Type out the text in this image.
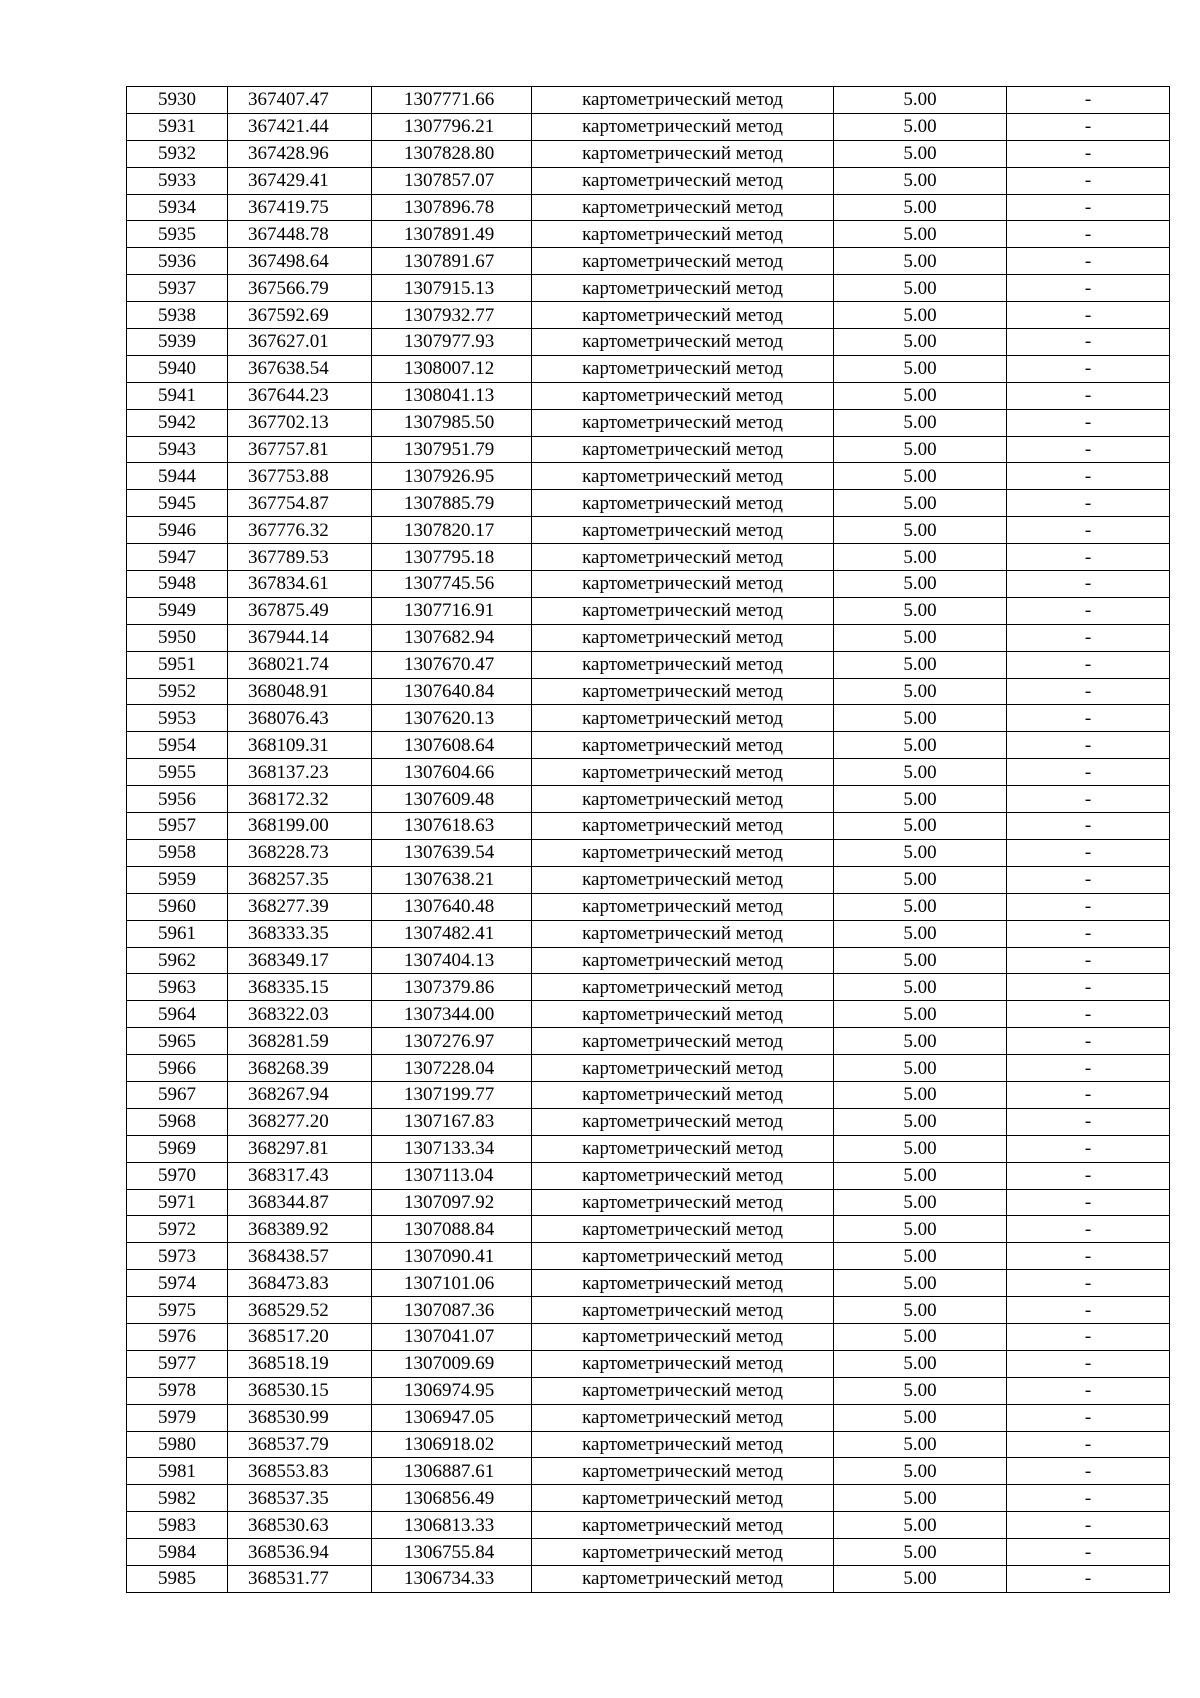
5930	367407.47	1307771.66	картометрический метод	5.00	-
5931	367421.44	1307796.21	картометрический метод	5.00	-
5932	367428.96	1307828.80	картометрический метод	5.00	-
5933	367429.41	1307857.07	картометрический метод	5.00	-
5934	367419.75	1307896.78	картометрический метод	5.00	-
5935	367448.78	1307891.49	картометрический метод	5.00	-
5936	367498.64	1307891.67	картометрический метод	5.00	-
5937	367566.79	1307915.13	картометрический метод	5.00	-
5938	367592.69	1307932.77	картометрический метод	5.00	-
5939	367627.01	1307977.93	картометрический метод	5.00	-
5940	367638.54	1308007.12	картометрический метод	5.00	-
5941	367644.23	1308041.13	картометрический метод	5.00	-
5942	367702.13	1307985.50	картометрический метод	5.00	-
5943	367757.81	1307951.79	картометрический метод	5.00	-
5944	367753.88	1307926.95	картометрический метод	5.00	-
5945	367754.87	1307885.79	картометрический метод	5.00	-
5946	367776.32	1307820.17	картометрический метод	5.00	-
5947	367789.53	1307795.18	картометрический метод	5.00	-
5948	367834.61	1307745.56	картометрический метод	5.00	-
5949	367875.49	1307716.91	картометрический метод	5.00	-
5950	367944.14	1307682.94	картометрический метод	5.00	-
5951	368021.74	1307670.47	картометрический метод	5.00	-
5952	368048.91	1307640.84	картометрический метод	5.00	-
5953	368076.43	1307620.13	картометрический метод	5.00	-
5954	368109.31	1307608.64	картометрический метод	5.00	-
5955	368137.23	1307604.66	картометрический метод	5.00	-
5956	368172.32	1307609.48	картометрический метод	5.00	-
5957	368199.00	1307618.63	картометрический метод	5.00	-
5958	368228.73	1307639.54	картометрический метод	5.00	-
5959	368257.35	1307638.21	картометрический метод	5.00	-
5960	368277.39	1307640.48	картометрический метод	5.00	-
5961	368333.35	1307482.41	картометрический метод	5.00	-
5962	368349.17	1307404.13	картометрический метод	5.00	-
5963	368335.15	1307379.86	картометрический метод	5.00	-
5964	368322.03	1307344.00	картометрический метод	5.00	-
5965	368281.59	1307276.97	картометрический метод	5.00	-
5966	368268.39	1307228.04	картометрический метод	5.00	-
5967	368267.94	1307199.77	картометрический метод	5.00	-
5968	368277.20	1307167.83	картометрический метод	5.00	-
5969	368297.81	1307133.34	картометрический метод	5.00	-
5970	368317.43	1307113.04	картометрический метод	5.00	-
5971	368344.87	1307097.92	картометрический метод	5.00	-
5972	368389.92	1307088.84	картометрический метод	5.00	-
5973	368438.57	1307090.41	картометрический метод	5.00	-
5974	368473.83	1307101.06	картометрический метод	5.00	-
5975	368529.52	1307087.36	картометрический метод	5.00	-
5976	368517.20	1307041.07	картометрический метод	5.00	-
5977	368518.19	1307009.69	картометрический метод	5.00	-
5978	368530.15	1306974.95	картометрический метод	5.00	-
5979	368530.99	1306947.05	картометрический метод	5.00	-
5980	368537.79	1306918.02	картометрический метод	5.00	-
5981	368553.83	1306887.61	картометрический метод	5.00	-
5982	368537.35	1306856.49	картометрический метод	5.00	-
5983	368530.63	1306813.33	картометрический метод	5.00	-
5984	368536.94	1306755.84	картометрический метод	5.00	-
5985	368531.77	1306734.33	картометрический метод	5.00	-
